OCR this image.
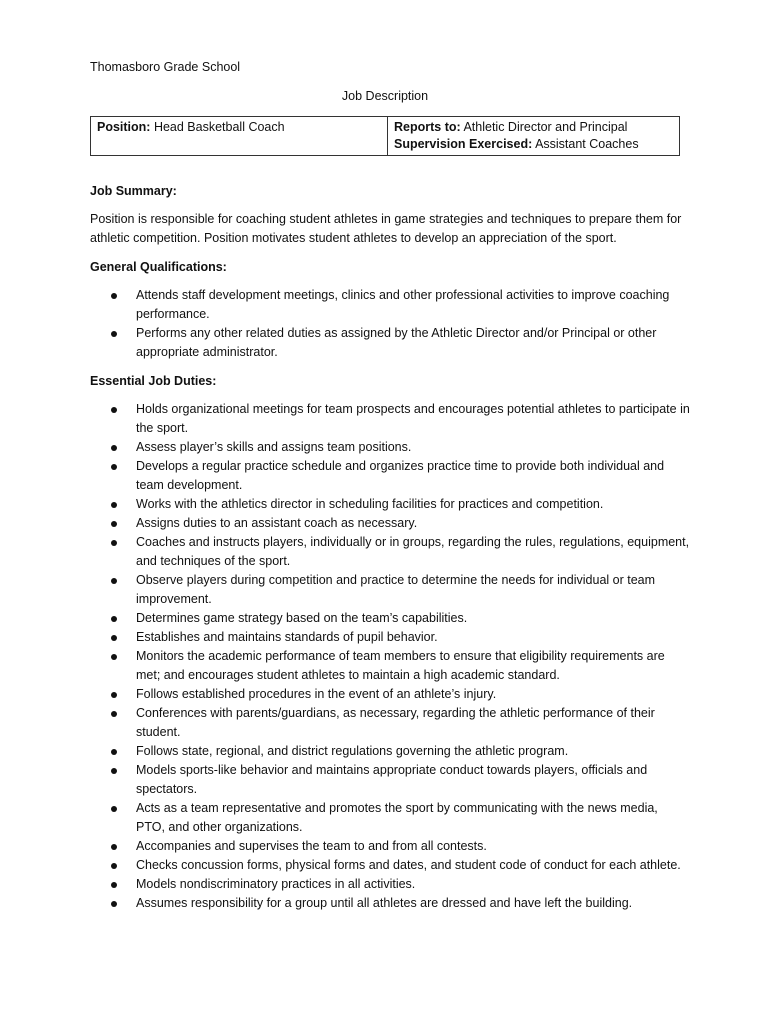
Thomasboro Grade School
Job Description
Position: Head Basketball Coach	Reports to: Athletic Director and Principal
Supervision Exercised: Assistant Coaches
Job Summary:

Position is responsible for coaching student athletes in game strategies and techniques to prepare them for athletic competition. Position motivates student athletes to develop an appreciation of the sport.

General Qualifications:
Attends staff development meetings, clinics and other professional activities to improve coaching performance.
Performs any other related duties as assigned by the Athletic Director and/or Principal or other appropriate administrator.
Essential Job Duties:
Holds organizational meetings for team prospects and encourages potential athletes to participate in the sport.
Assess player’s skills and assigns team positions.
Develops a regular practice schedule and organizes practice time to provide both individual and team development.
Works with the athletics director in scheduling facilities for practices and competition.
Assigns duties to an assistant coach as necessary.
Coaches and instructs players, individually or in groups, regarding the rules, regulations, equipment, and techniques of the sport.
Observe players during competition and practice to determine the needs for individual or team improvement.
Determines game strategy based on the team’s capabilities.
Establishes and maintains standards of pupil behavior.
Monitors the academic performance of team members to ensure that eligibility requirements are met; and encourages student athletes to maintain a high academic standard.
Follows established procedures in the event of an athlete’s injury.
Conferences with parents/guardians, as necessary, regarding the athletic performance of their student.
Follows state, regional, and district regulations governing the athletic program.
Models sports-like behavior and maintains appropriate conduct towards players, officials and spectators.
Acts as a team representative and promotes the sport by communicating with the news media, PTO, and other organizations.
Accompanies and supervises the team to and from all contests.
Checks concussion forms, physical forms and dates, and student code of conduct for each athlete.
Models nondiscriminatory practices in all activities.
Assumes responsibility for a group until all athletes are dressed and have left the building.
